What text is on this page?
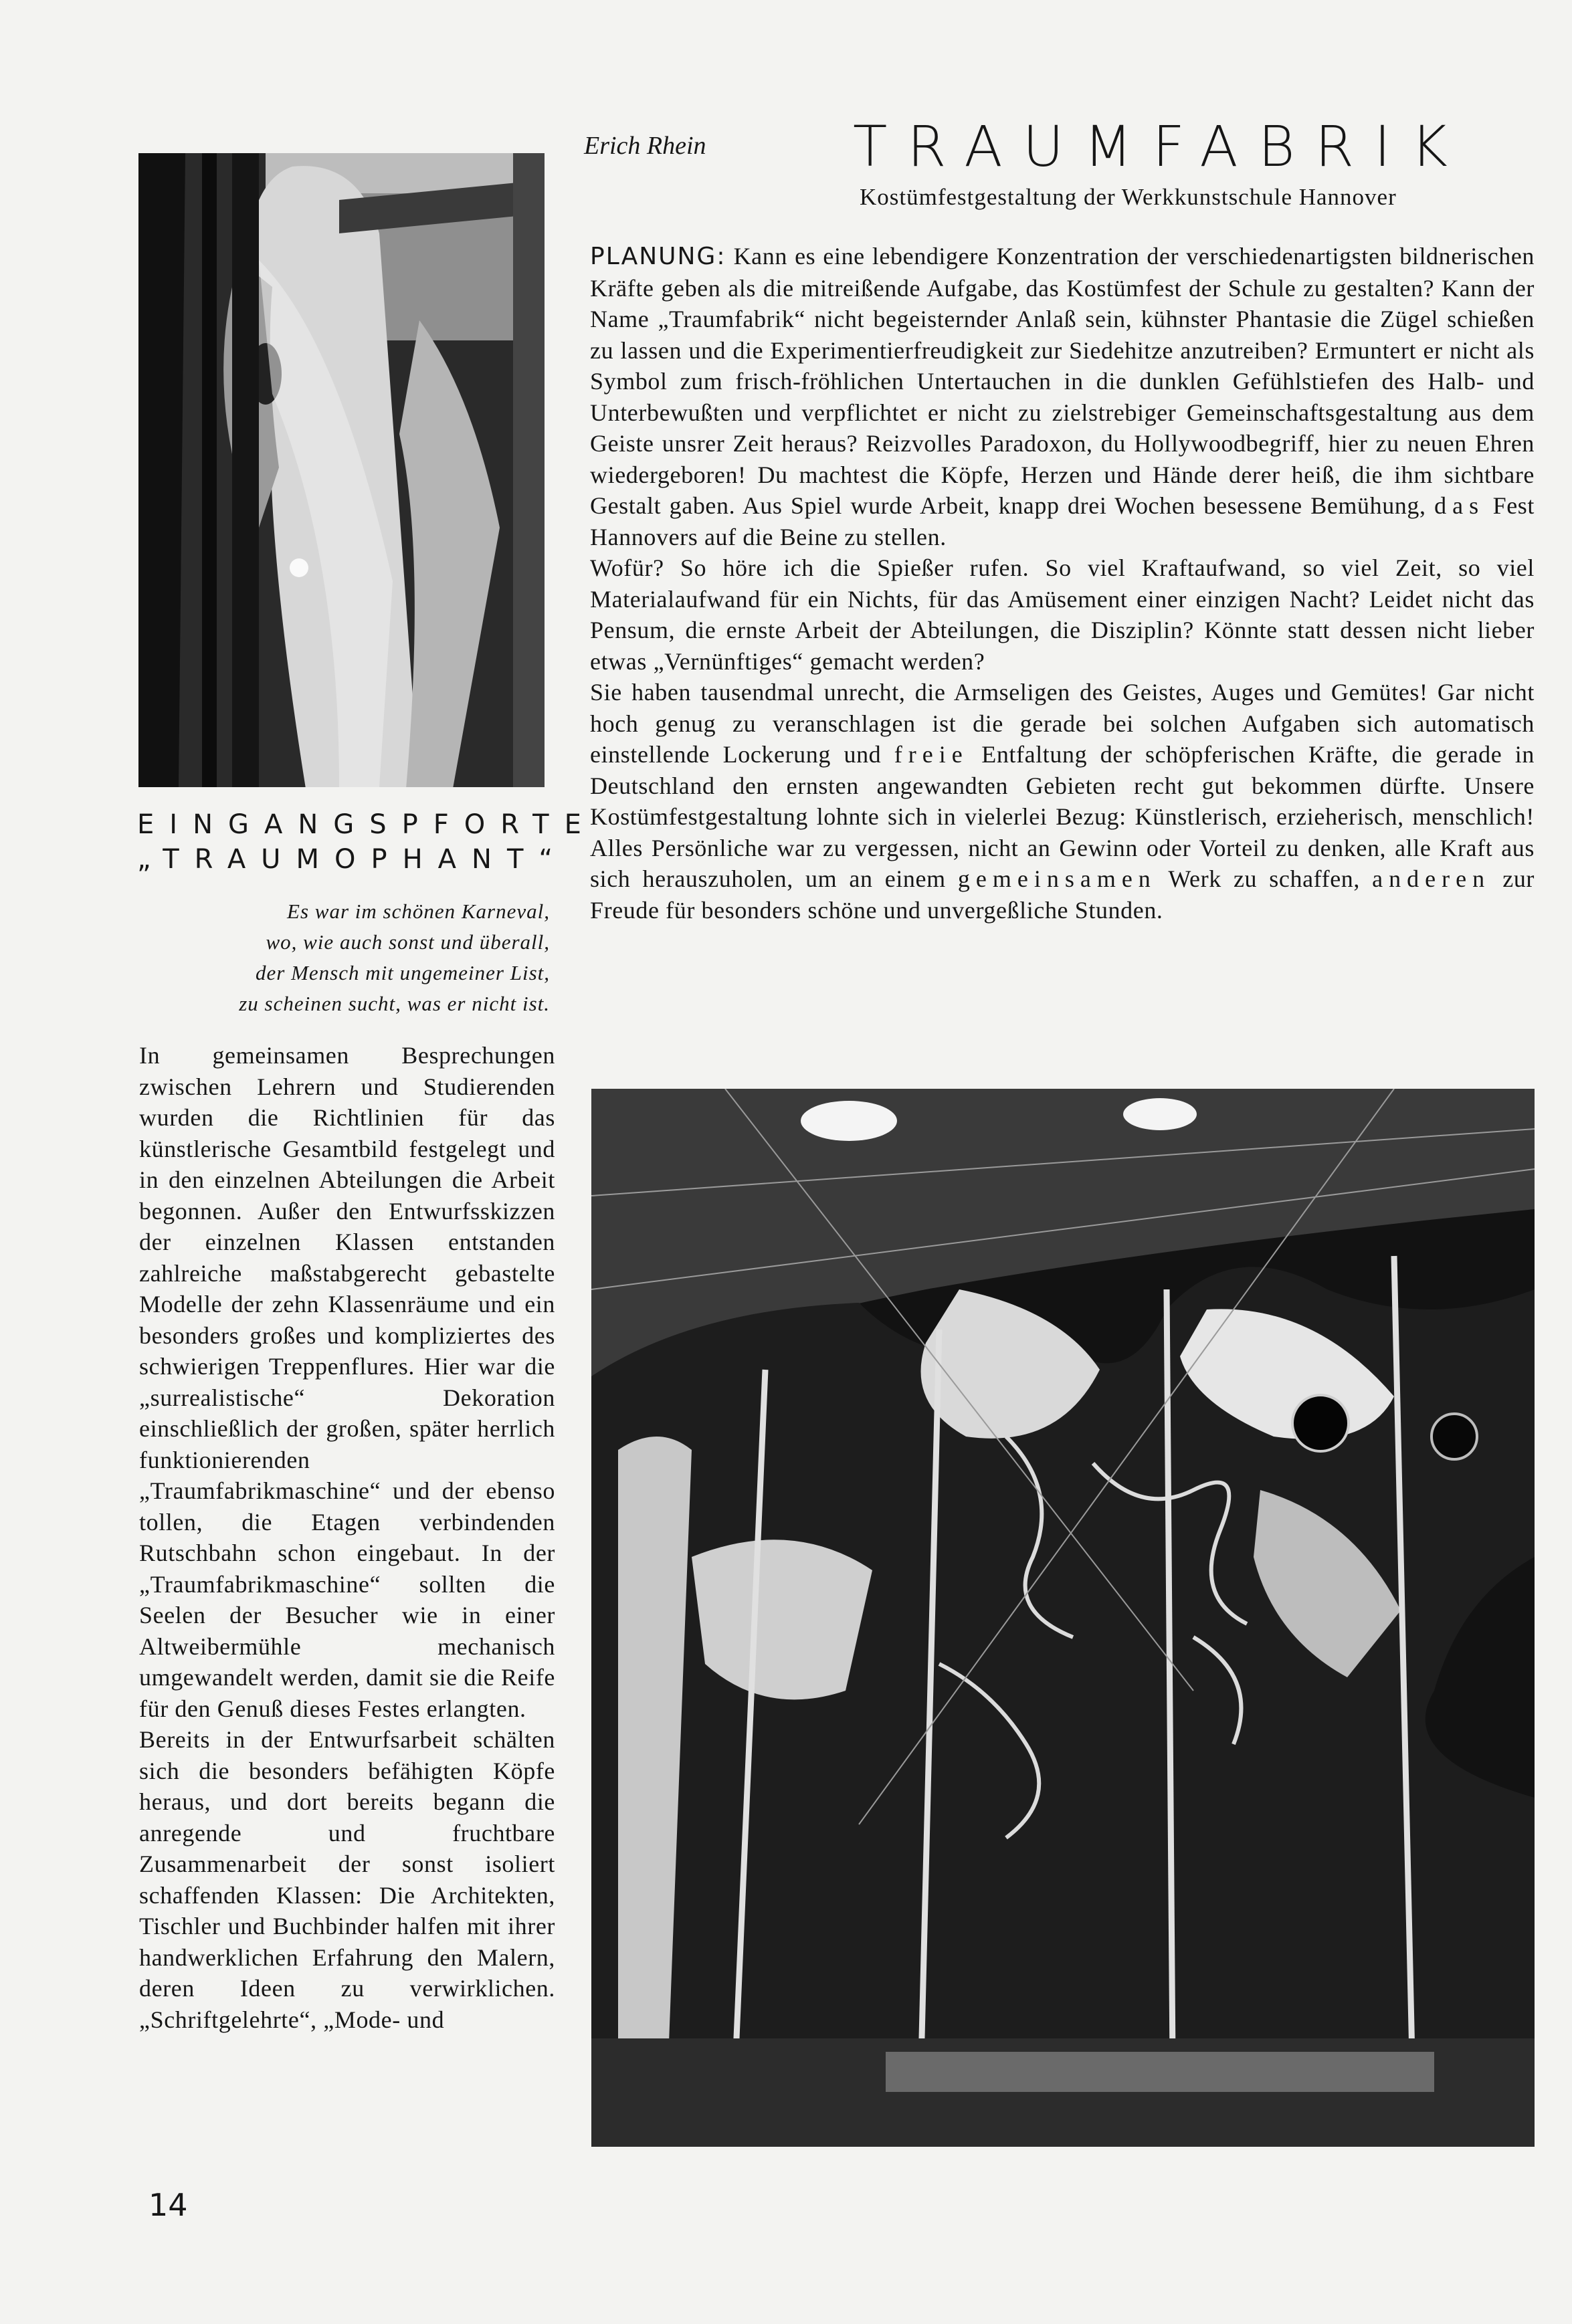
Erich Rhein	TRAUMFABRIK
Kostümfestgestaltung der Werkkunstschule Hannover
EINGANGSPFORTE
„TRAUMOPHANT“
Es war im schönen Karneval,
wo, wie auch sonst und überall,
der Mensch mit ungemeiner List,
zu scheinen sucht, was er nicht ist.

PLANUNG: Kann es eine lebendigere Konzentration der verschiedenartigsten bildnerischen Kräfte geben als die mitreißende Aufgabe, das Kostümfest der Schule zu gestalten? Kann der Name „Traumfabrik“ nicht begeisternder Anlaß sein, kühnster Phantasie die Zügel schießen zu lassen und die Experimentierfreudigkeit zur Siedehitze anzutreiben? Ermuntert er nicht als Symbol zum frisch-fröhlichen Untertauchen in die dunklen Gefühlstiefen des Halb- und Unterbewußten und verpflichtet er nicht zu zielstrebiger Gemeinschaftsgestaltung aus dem Geiste unsrer Zeit heraus? Reizvolles Paradoxon, du Hollywoodbegriff, hier zu neuen Ehren wiedergeboren! Du machtest die Köpfe, Herzen und Hände derer heiß, die ihm sichtbare Gestalt gaben. Aus Spiel wurde Arbeit, knapp drei Wochen besessene Bemühung, das Fest Hannovers auf die Beine zu stellen.

Wofür? So höre ich die Spießer rufen. So viel Kraftaufwand, so viel Zeit, so viel Materialaufwand für ein Nichts, für das Amüsement einer einzigen Nacht? Leidet nicht das Pensum, die ernste Arbeit der Abteilungen, die Disziplin? Könnte statt dessen nicht lieber etwas „Vernünftiges“ gemacht werden?

Sie haben tausendmal unrecht, die Armseligen des Geistes, Auges und Gemütes! Gar nicht hoch genug zu veranschlagen ist die gerade bei solchen Aufgaben sich automatisch einstellende Lockerung und freie Entfaltung der schöpferischen Kräfte, die gerade in Deutschland den ernsten angewandten Gebieten recht gut bekommen dürfte. Unsere Kostümfestgestaltung lohnte sich in vielerlei Bezug: Künstlerisch, erzieherisch, menschlich! Alles Persönliche war zu vergessen, nicht an Gewinn oder Vorteil zu denken, alle Kraft aus sich herauszuholen, um an einem gemeinsamen Werk zu schaffen, anderen zur Freude für besonders schöne und unvergeßliche Stunden.

In gemeinsamen Besprechungen zwischen Lehrern und Studierenden wurden die Richtlinien für das künstlerische Gesamtbild festgelegt und in den einzelnen Abteilungen die Arbeit begonnen. Außer den Entwurfsskizzen der einzelnen Klassen entstanden zahlreiche maßstabgerecht gebastelte Modelle der zehn Klassenräume und ein besonders großes und kompliziertes des schwierigen Treppenflures. Hier war die „surrealistische“ Dekoration einschließlich der großen, später herrlich funktionierenden „Traumfabrikmaschine“ und der ebenso tollen, die Etagen verbindenden Rutschbahn schon eingebaut. In der „Traumfabrikmaschine“ sollten die Seelen der Besucher wie in einer Altweibermühle mechanisch umgewandelt werden, damit sie die Reife für den Genuß dieses Festes erlangten.

Bereits in der Entwurfsarbeit schälten sich die besonders befähigten Köpfe heraus, und dort bereits begann die anregende und fruchtbare Zusammenarbeit der sonst isoliert schaffenden Klassen: Die Architekten, Tischler und Buchbinder halfen mit ihrer handwerklichen Erfahrung den Malern, deren Ideen zu verwirklichen. „Schriftgelehrte“, „Mode- und

14
